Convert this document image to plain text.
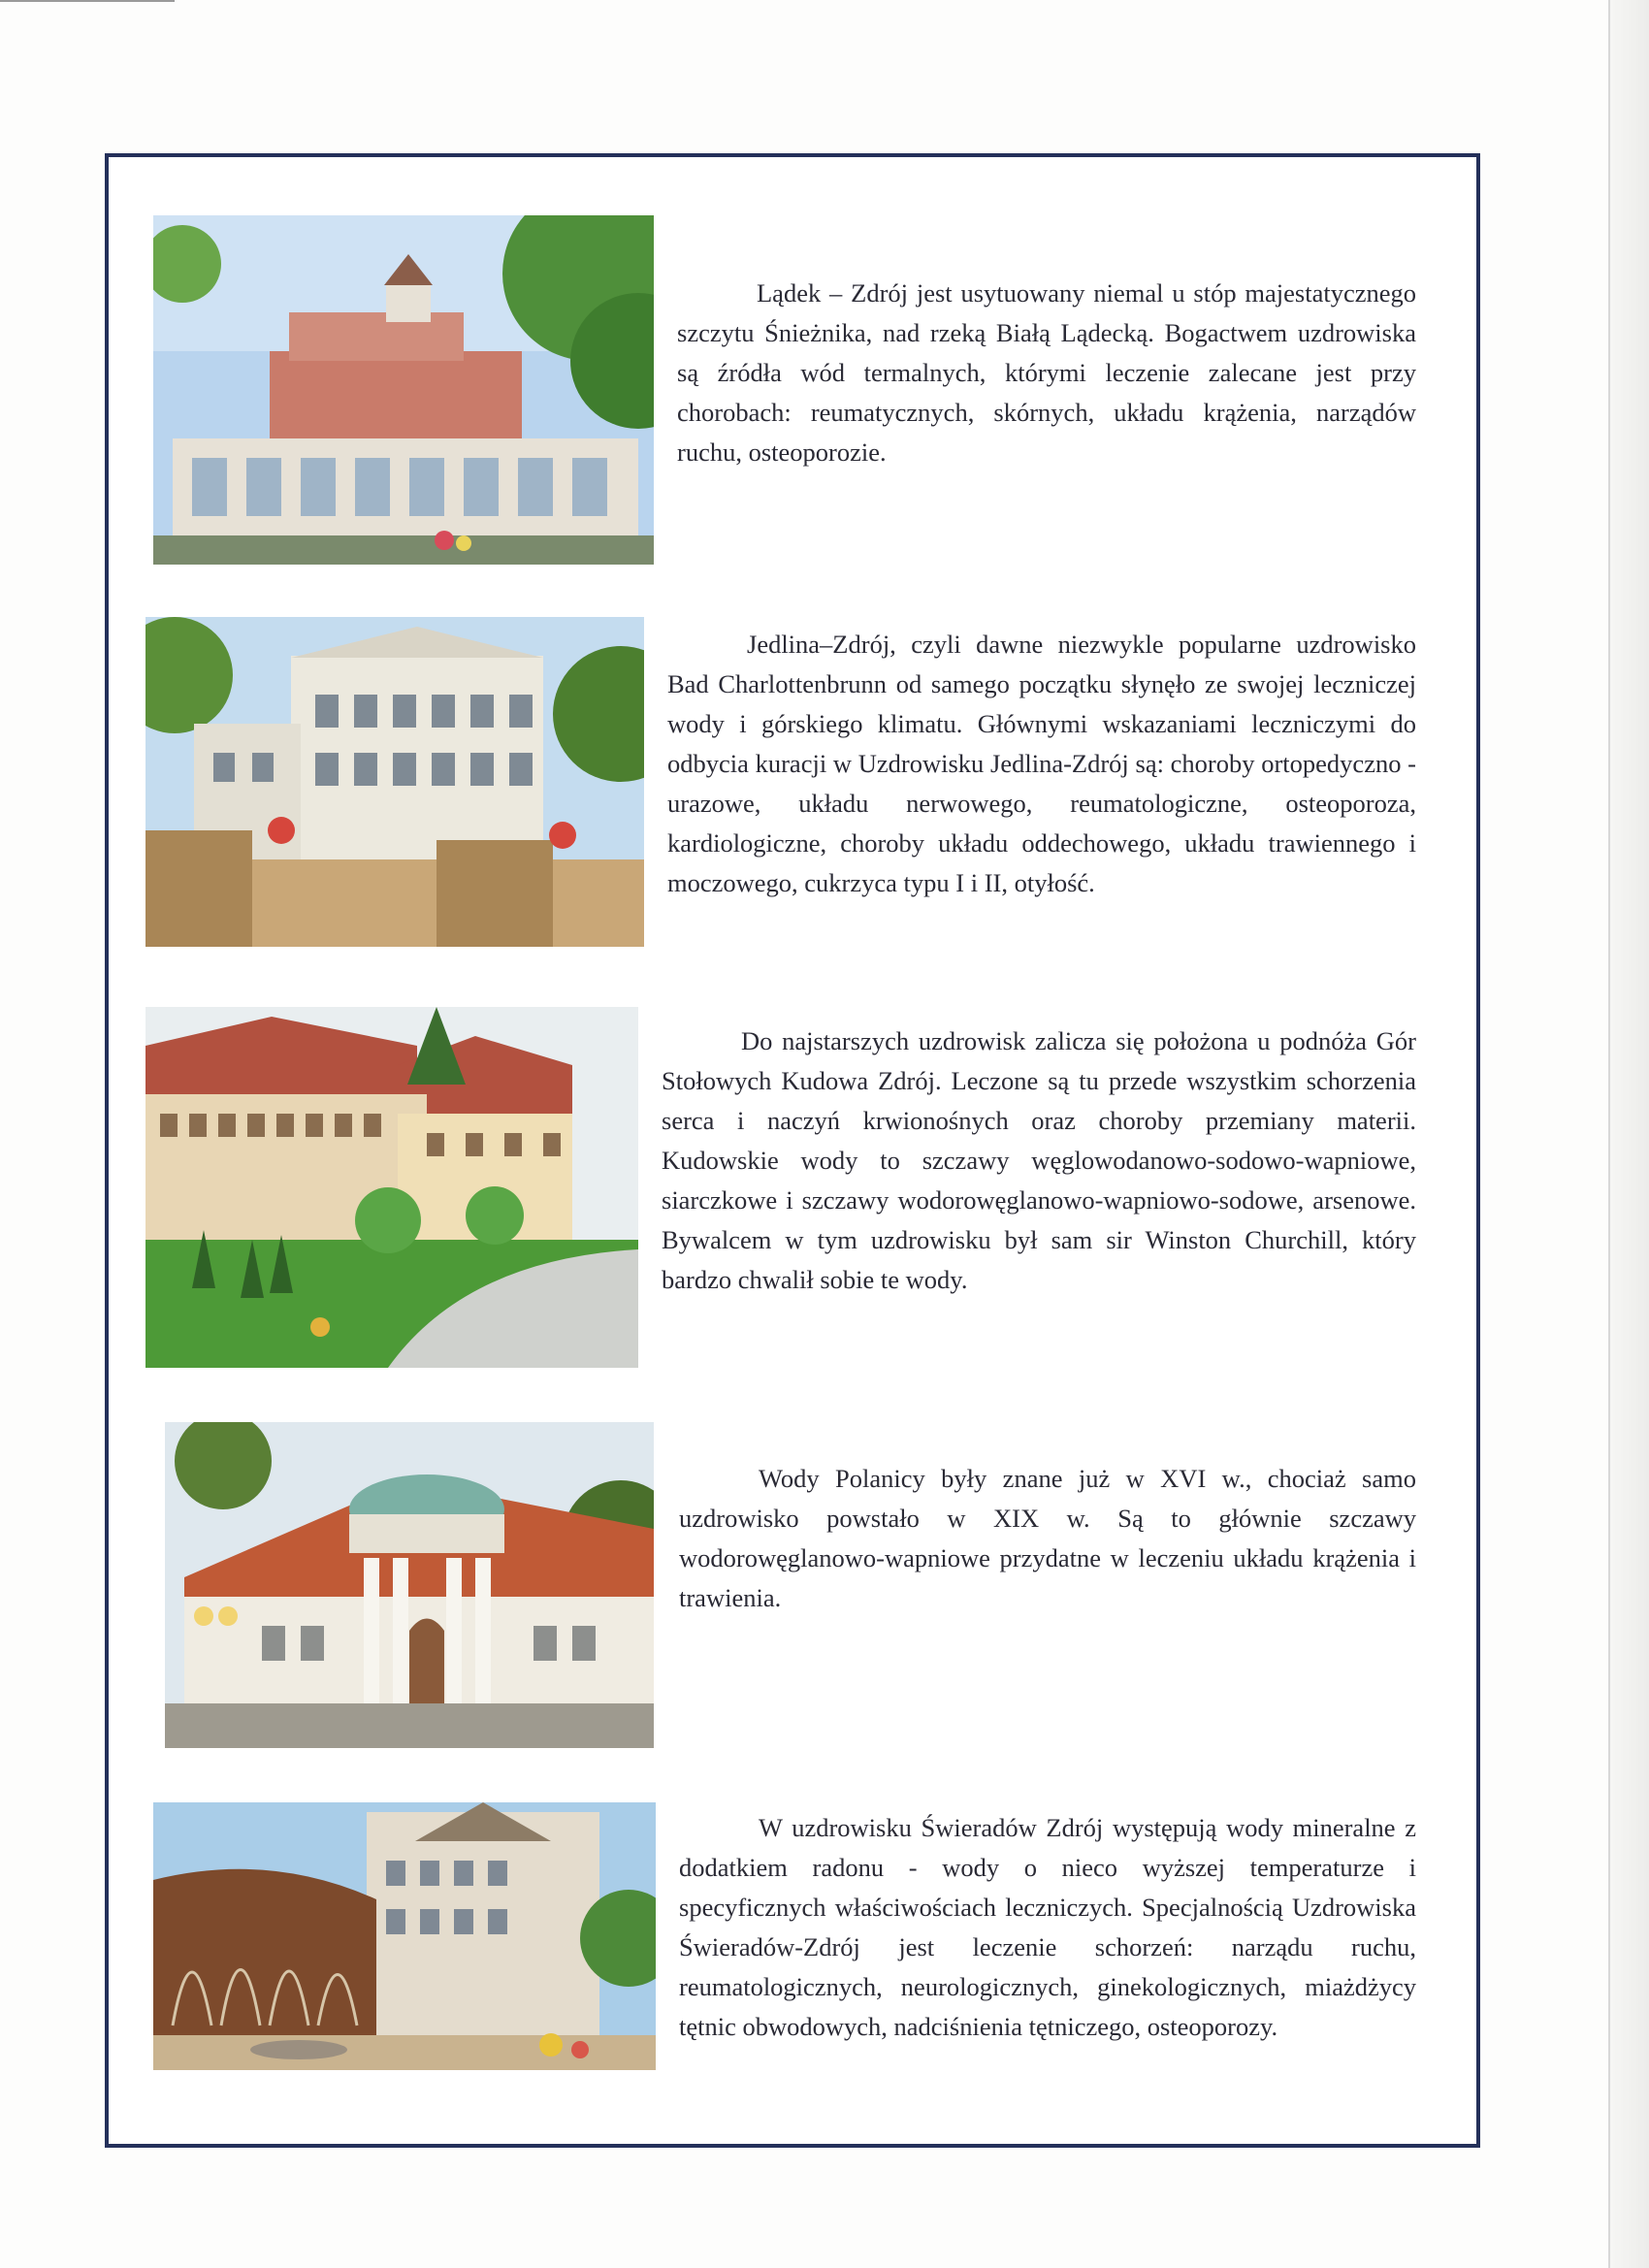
Lądek – Zdrój jest usytuowany niemal u stóp majestatycznego szczytu Śnieżnika, nad rzeką Białą Lądecką. Bogactwem uzdrowiska są źródła wód termalnych, którymi leczenie zalecane jest przy chorobach: reumatycznych, skórnych, układu krążenia, narządów ruchu, osteoporozie.

Jedlina–Zdrój, czyli dawne niezwykle popularne uzdrowisko Bad Charlottenbrunn od samego początku słynęło ze swojej leczniczej wody i górskiego klimatu. Głównymi wskazaniami leczniczymi do odbycia kuracji w Uzdrowisku Jedlina-Zdrój są: choroby ortopedyczno - urazowe, układu nerwowego, reumatologiczne, osteoporoza, kardiologiczne, choroby układu oddechowego, układu trawiennego i moczowego, cukrzyca typu I i II, otyłość.

Do najstarszych uzdrowisk zalicza się położona u podnóża Gór Stołowych Kudowa Zdrój. Leczone są tu przede wszystkim schorzenia serca i naczyń krwionośnych oraz choroby przemiany materii. Kudowskie wody to szczawy węglowodanowo-sodowo-wapniowe, siarczkowe i szczawy wodorowęglanowo-wapniowo-sodowe, arsenowe. Bywalcem w tym uzdrowisku był sam sir Winston Churchill, który bardzo chwalił sobie te wody.

Wody Polanicy były znane już w XVI w., chociaż samo uzdrowisko powstało w XIX w. Są to głównie szczawy wodorowęglanowo-wapniowe przydatne w leczeniu układu krążenia i trawienia.

W uzdrowisku Świeradów Zdrój występują wody mineralne z dodatkiem radonu - wody o nieco wyższej temperaturze i specyficznych właściwościach leczniczych. Specjalnością Uzdrowiska Świeradów-Zdrój jest leczenie schorzeń: narządu ruchu, reumatologicznych, neurologicznych, ginekologicznych, miażdżycy tętnic obwodowych, nadciśnienia tętniczego, osteoporozy.
